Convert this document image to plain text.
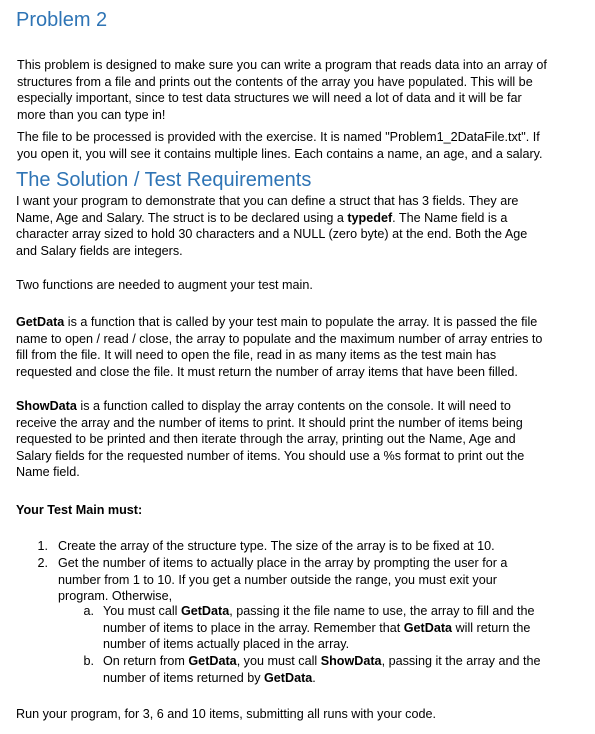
Problem 2

This problem is designed to make sure you can write a program that reads data into an array of
structures from a file and prints out the contents of the array you have populated. This will be
especially important, since to test data structures we will need a lot of data and it will be far
more than you can type in!

The file to be processed is provided with the exercise. It is named "Problem1_2DataFile.txt". If
you open it, you will see it contains multiple lines. Each contains a name, an age, and a salary.

The Solution / Test Requirements

I want your program to demonstrate that you can define a struct that has 3 fields. They are
Name, Age and Salary. The struct is to be declared using a typedef. The Name field is a
character array sized to hold 30 characters and a NULL (zero byte) at the end. Both the Age
and Salary fields are integers.

Two functions are needed to augment your test main.

GetData is a function that is called by your test main to populate the array. It is passed the file
name to open / read / close, the array to populate and the maximum number of array entries to
fill from the file. It will need to open the file, read in as many items as the test main has
requested and close the file. It must return the number of array items that have been filled.

ShowData is a function called to display the array contents on the console. It will need to
receive the array and the number of items to print. It should print the number of items being
requested to be printed and then iterate through the array, printing out the Name, Age and
Salary fields for the requested number of items. You should use a %s format to print out the
Name field.

Your Test Main must:

1. Create the array of the structure type. The size of the array is to be fixed at 10.
2. Get the number of items to actually place in the array by prompting the user for a
number from 1 to 10. If you get a number outside the range, you must exit your
program. Otherwise,
a. You must call GetData, passing it the file name to use, the array to fill and the
number of items to place in the array. Remember that GetData will return the
number of items actually placed in the array.
b. On return from GetData, you must call ShowData, passing it the array and the
number of items returned by GetData.

Run your program, for 3, 6 and 10 items, submitting all runs with your code.
